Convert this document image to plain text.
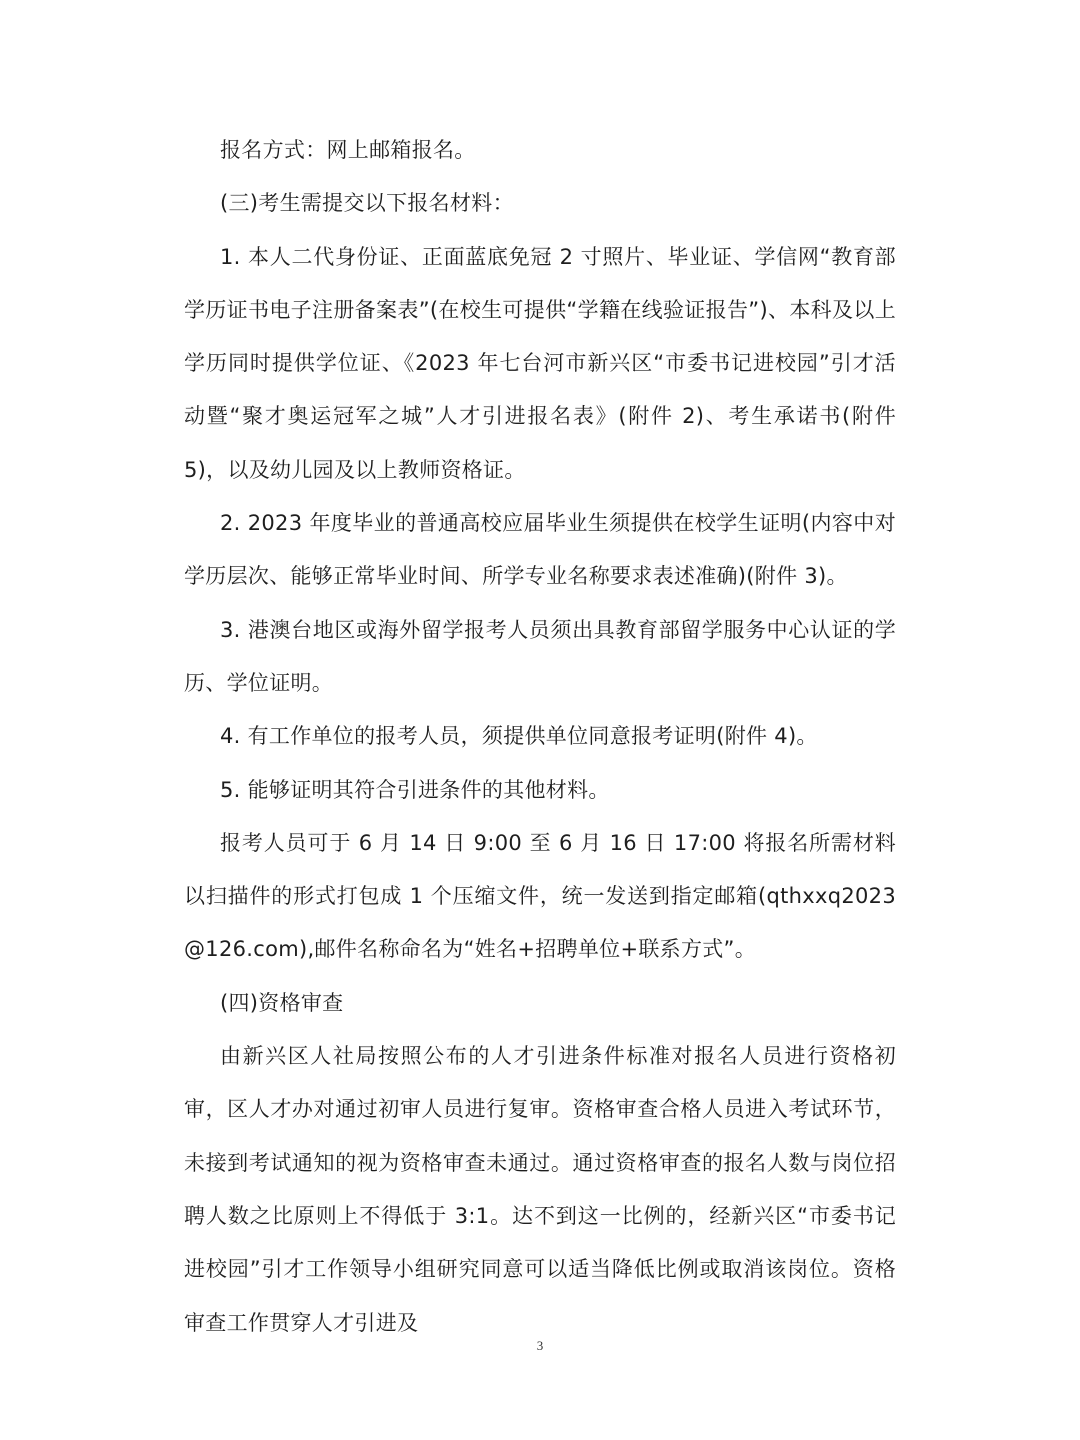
报名方式：网上邮箱报名。

(三)考生需提交以下报名材料：

1. 本人二代身份证、正面蓝底免冠 2 寸照片、毕业证、学信网“教育部学历证书电子注册备案表”(在校生可提供“学籍在线验证报告”)、本科及以上学历同时提供学位证、《2023 年七台河市新兴区“市委书记进校园”引才活动暨“聚才奥运冠军之城”人才引进报名表》(附件 2)、考生承诺书(附件 5)，以及幼儿园及以上教师资格证。

2. 2023 年度毕业的普通高校应届毕业生须提供在校学生证明(内容中对学历层次、能够正常毕业时间、所学专业名称要求表述准确)(附件 3)。

3. 港澳台地区或海外留学报考人员须出具教育部留学服务中心认证的学历、学位证明。

4. 有工作单位的报考人员，须提供单位同意报考证明(附件 4)。

5. 能够证明其符合引进条件的其他材料。

报考人员可于 6 月 14 日 9:00 至 6 月 16 日 17:00 将报名所需材料以扫描件的形式打包成 1 个压缩文件，统一发送到指定邮箱(qthxxq2023@126.com),邮件名称命名为“姓名+招聘单位+联系方式”。

(四)资格审查

由新兴区人社局按照公布的人才引进条件标准对报名人员进行资格初审，区人才办对通过初审人员进行复审。资格审查合格人员进入考试环节，未接到考试通知的视为资格审查未通过。通过资格审查的报名人数与岗位招聘人数之比原则上不得低于 3:1。达不到这一比例的，经新兴区“市委书记进校园”引才工作领导小组研究同意可以适当降低比例或取消该岗位。资格审查工作贯穿人才引进及

3
